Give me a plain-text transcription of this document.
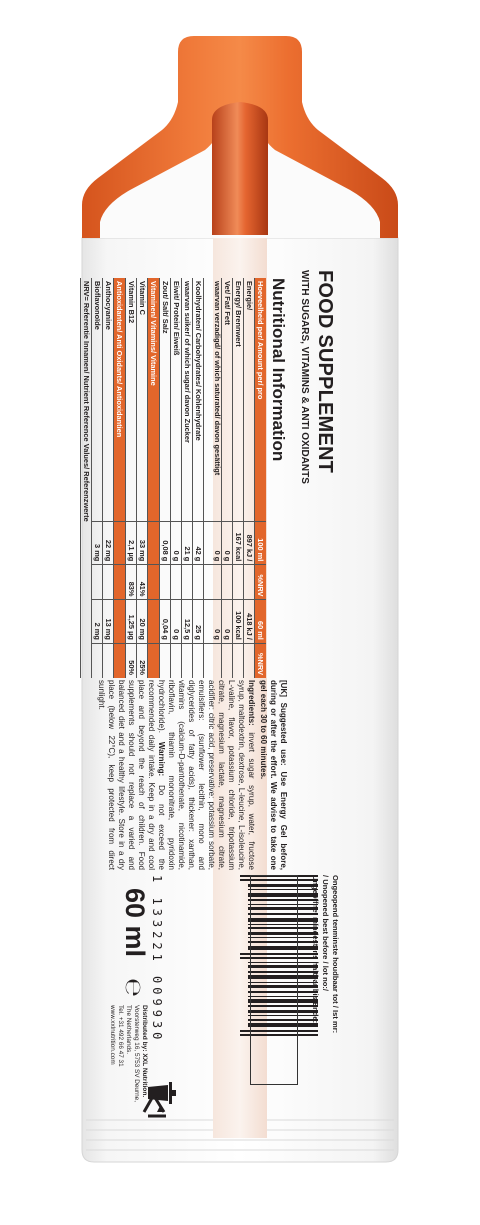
FOOD SUPPLEMENT
WITH SUGARS, VITAMINS & ANTI OXIDANTS
Nutritional Information
Hoeveelheid per/ Amount per/ pro	100 ml	%NRV	60 ml	%NRV
Energie/	897 kJ /		418 kJ /	
Energy/ Brennwert	167 kcal		100 kcal	
Vet/ Fat/ Fett	0 g		0 g	
waarvan verzadigd/ of which saturated/ davon gesättigt	0 g		0 g	
Koolhydraten/ Carbohydrates/ Kohlenhydrate	42 g		25 g	
waarvan suiker/ of which sugar/ davon Zucker	21 g		12,5 g	
Eiwit/ Protein/ Eiweiß	0 g		0 g	
Zout/ Salt/ Salz	0,08 g		0,04 g	
Vitaminen/ Vitamins/ Vitamine				
Vitamin C	33 mg	41%	20 mg	25%
Vitamin B12	2,1 µg	83%	1,25 µg	50%
Antioxidanten/ Anti Oxidants/ Antioxidantien				
Anthocyanine	22 mg		13 mg	
Bioflavonoïde	3 mg		2 mg	
NRV= Referentie Innamen/ Nutrient Reference Values/ Referenzwerte				

[UK] Suggested use: Use Energy Gel before, during or after the effort. We advise to take one gel each 30 to 60 minutes.

Ingredients: invert sugar syrup, water, fructose syrup, maltodextrin, dextrose, L-leucine, L-isoleucine, L-valine, flavor, potassium chloride, tripotassium citrate, magnesium lactate, magnesium citrate, acidifier: citric acid, preservative: potassium sorbate, emulsifiers: (sunflower lecithin, mono and diglycerides of fatty acids), thickener: xanthan, vitamins (calcium-D-pantothenate, nicotinamide, riboflavin, thiamin mononitrate, pyridoxin hydrochloride). Warning: Do not exceed the recommended daily intake. Keep in a dry and cool place and beyond the reach of children. Food supplements should not replace a varied and balanced diet and a healthy lifestyle. Store in a dry place (below 22°C), keep protected from direct sunlight.

Ongeopend tenminste houdbaar tot / Ist mr:
/ Unopened best before / lot no:/
Ungeöffnet mindestens haltbar bis Ende:
1 133221 009930
60 ml
℮
Distributed by: XXL Nutrition.
Voorsterweg 16, 5753 SV Deurne,
The Netherlands.
Tel. +31 492 66 47 31
www.xxlnutrition.com
